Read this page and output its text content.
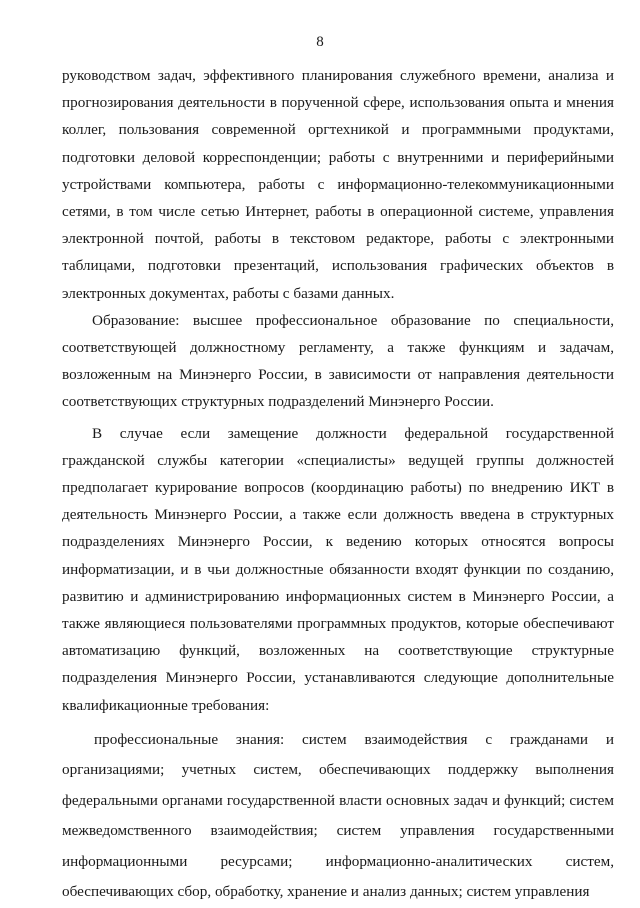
8

руководством задач, эффективного планирования служебного времени, анализа и прогнозирования деятельности в порученной сфере, использования опыта и мнения коллег, пользования современной оргтехникой и программными продуктами, подготовки деловой корреспонденции; работы с внутренними и периферийными устройствами компьютера, работы с информационно-телекоммуникационными сетями, в том числе сетью Интернет, работы в операционной системе, управления электронной почтой, работы в текстовом редакторе, работы с электронными таблицами, подготовки презентаций, использования графических объектов в электронных документах, работы с базами данных.

Образование: высшее профессиональное образование по специальности, соответствующей должностному регламенту, а также функциям и задачам, возложенным на Минэнерго России, в зависимости от направления деятельности соответствующих структурных подразделений Минэнерго России.

В случае если замещение должности федеральной государственной гражданской службы категории «специалисты» ведущей группы должностей предполагает курирование вопросов (координацию работы) по внедрению ИКТ в деятельность Минэнерго России, а также если должность введена в структурных подразделениях Минэнерго России, к ведению которых относятся вопросы информатизации, и в чьи должностные обязанности входят функции по созданию, развитию и администрированию информационных систем в Минэнерго России, а также являющиеся пользователями программных продуктов, которые обеспечивают автоматизацию функций, возложенных на соответствующие структурные подразделения Минэнерго России, устанавливаются следующие дополнительные квалификационные требования:

профессиональные знания: систем взаимодействия с гражданами и организациями; учетных систем, обеспечивающих поддержку выполнения федеральными органами государственной власти основных задач и функций; систем межведомственного взаимодействия; систем управления государственными информационными ресурсами; информационно-аналитических систем, обеспечивающих сбор, обработку, хранение и анализ данных; систем управления
